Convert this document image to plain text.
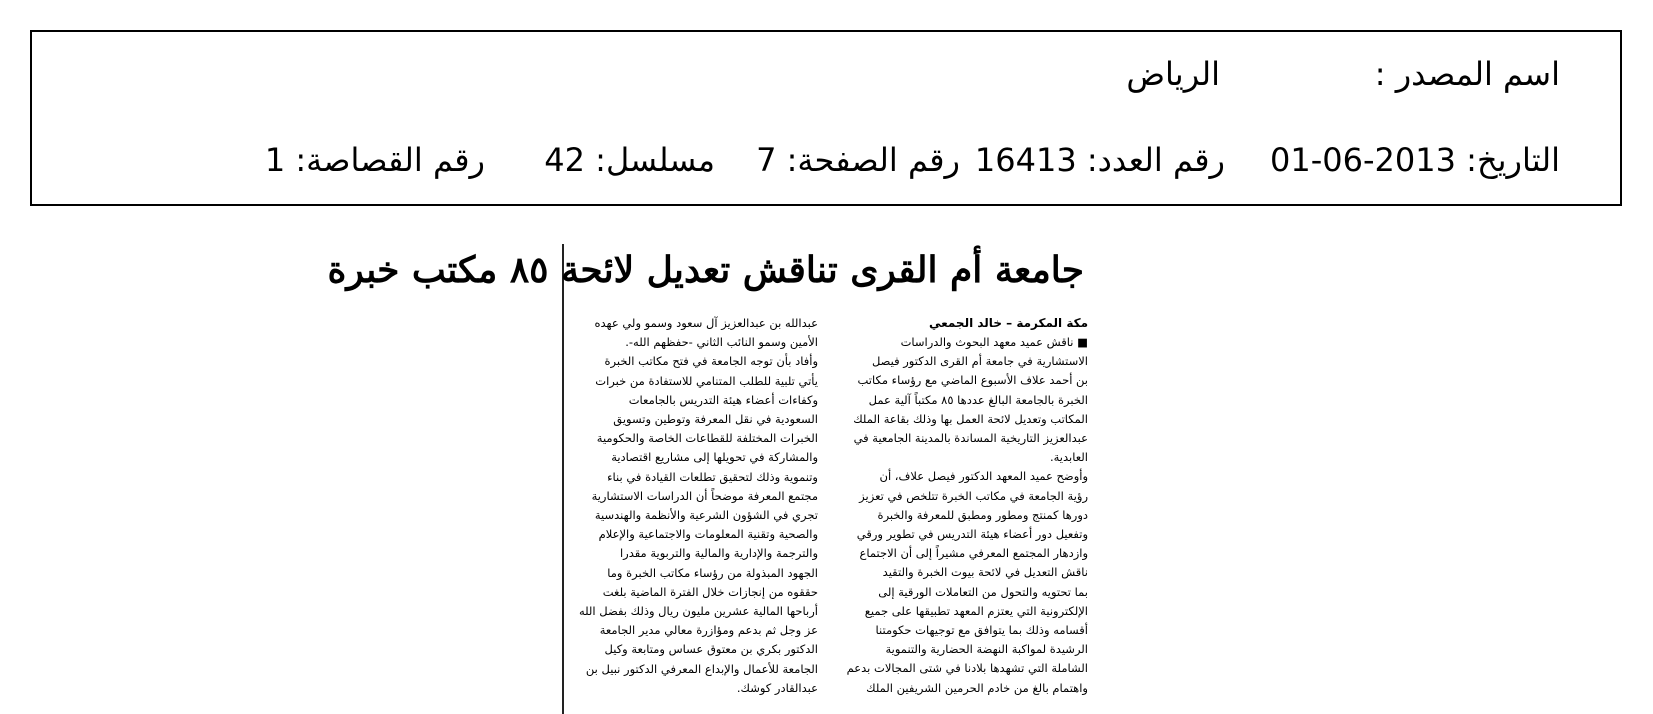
اسم المصدر :
الرياض
التاريخ: 2013-06-01
رقم العدد: 16413
رقم الصفحة: 7
مسلسل: 42
رقم القصاصة: 1
جامعة أم القرى تناقش تعديل لائحة ٨٥ مكتب خبرة
مكة المكرمة – خالد الجمعي
■ ناقش عميد معهد البحوث والدراسات
الاستشارية في جامعة أم القرى الدكتور فيصل
بن أحمد علاف الأسبوع الماضي مع رؤساء مكاتب
الخبرة بالجامعة البالغ عددها ٨٥ مكتباً آلية عمل
المكاتب وتعديل لائحة العمل بها وذلك بقاعة الملك
عبدالعزيز التاريخية المساندة بالمدينة الجامعية في
العابدية.
وأوضح عميد المعهد الدكتور فيصل علاف، أن
رؤية الجامعة في مكاتب الخبرة تتلخص في تعزيز
دورها كمنتج ومطور ومطبق للمعرفة والخبرة
وتفعيل دور أعضاء هيئة التدريس في تطوير ورقي
وازدهار المجتمع المعرفي مشيراً إلى أن الاجتماع
ناقش التعديل في لائحة بيوت الخبرة والتقيد
بما تحتويه والتحول من التعاملات الورقية إلى
الإلكترونية التي يعتزم المعهد تطبيقها على جميع
أقسامه وذلك بما يتوافق مع توجيهات حكومتنا
الرشيدة لمواكبة النهضة الحضارية والتنموية
الشاملة التي تشهدها بلادنا في شتى المجالات بدعم
واهتمام بالغ من خادم الحرمين الشريفين الملك
عبدالله بن عبدالعزيز آل سعود وسمو ولي عهده
الأمين وسمو النائب الثاني -حفظهم الله-.
وأفاد بأن توجه الجامعة في فتح مكاتب الخبرة
يأتي تلبية للطلب المتنامي للاستفادة من خبرات
وكفاءات أعضاء هيئة التدريس بالجامعات
السعودية في نقل المعرفة وتوطين وتسويق
الخبرات المختلفة للقطاعات الخاصة والحكومية
والمشاركة في تحويلها إلى مشاريع اقتصادية
وتنموية وذلك لتحقيق تطلعات القيادة في بناء
مجتمع المعرفة موضحاً أن الدراسات الاستشارية
تجري في الشؤون الشرعية والأنظمة والهندسية
والصحية وتقنية المعلومات والاجتماعية والإعلام
والترجمة والإدارية والمالية والتربوية مقدرا
الجهود المبذولة من رؤساء مكاتب الخبرة وما
حققوه من إنجازات خلال الفترة الماضية بلغت
أرباحها المالية عشرين مليون ريال وذلك بفضل الله
عز وجل ثم بدعم ومؤازرة معالي مدير الجامعة
الدكتور بكري بن معتوق عساس ومتابعة وكيل
الجامعة للأعمال والإبداع المعرفي الدكتور نبيل بن
عبدالقادر كوشك.
